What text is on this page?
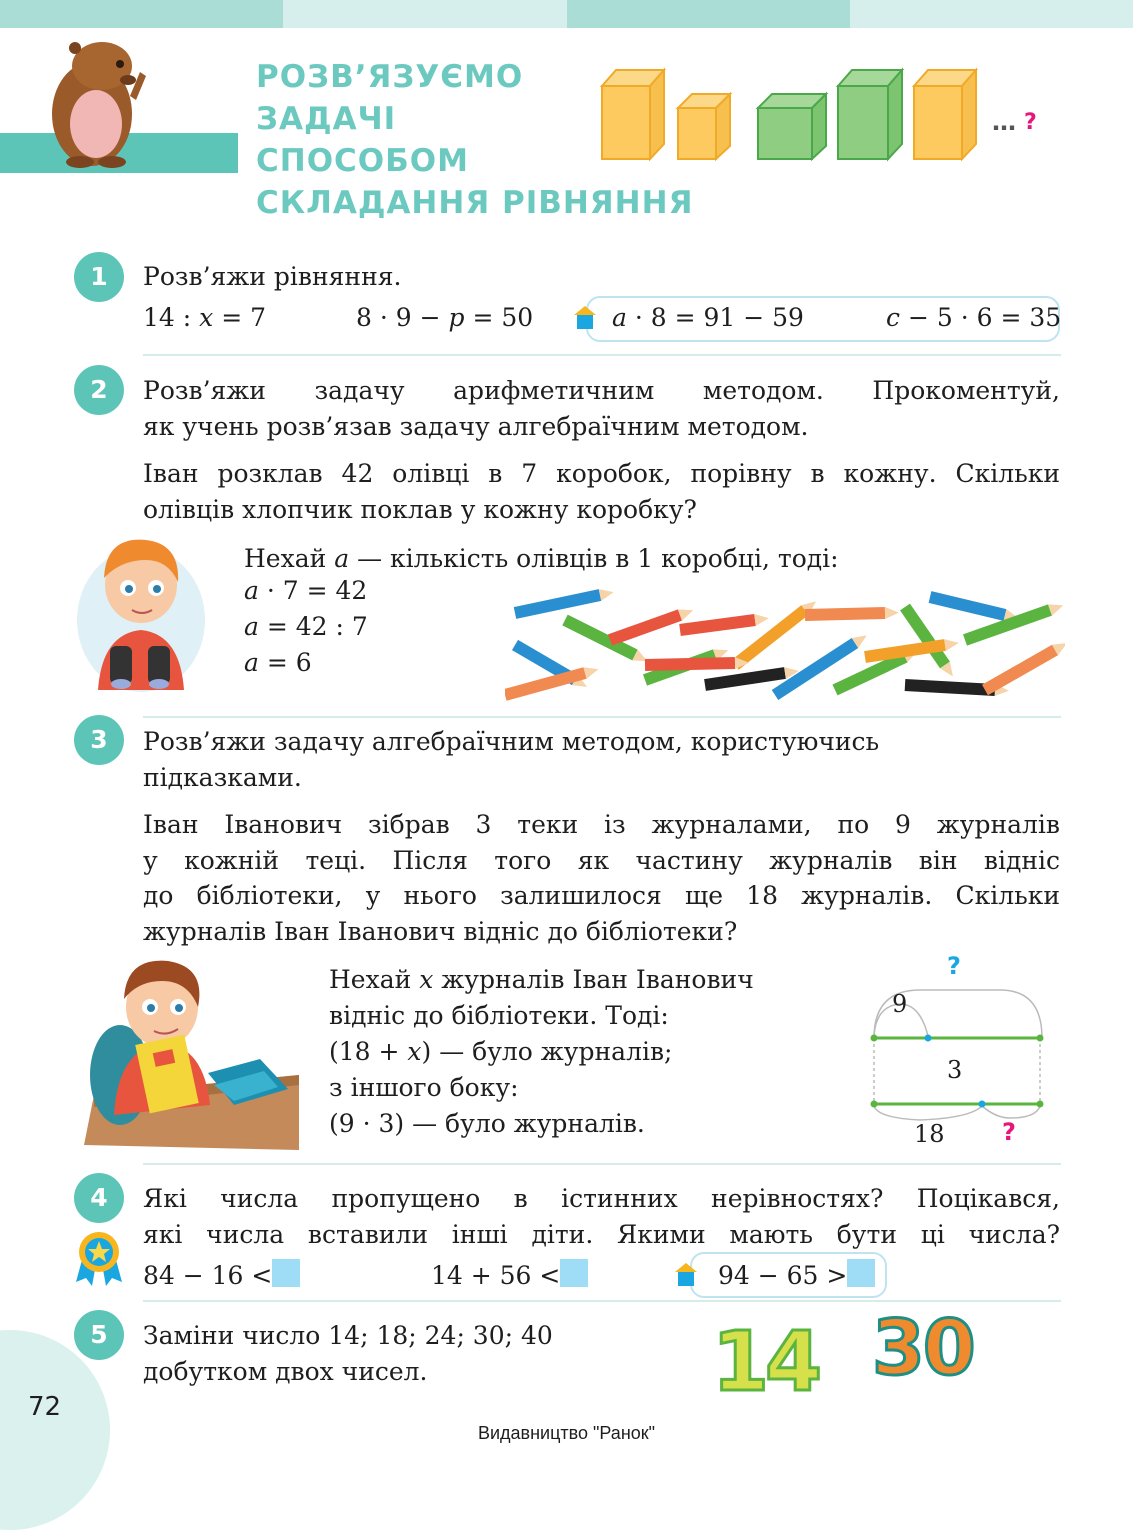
РОЗВ’ЯЗУЄМО
ЗАДАЧІ
СПОСОБОМ
СКЛАДАННЯ РІВНЯННЯ
… ?
1	Розв’яжи рівняння.
14 : x = 7	8 · 9 − p = 50	a · 8 = 91 − 59	c − 5 · 6 = 35
2	Розв’яжи задачу арифметичним методом. Прокоментуй,
як учень розв’язав задачу алгебраїчним методом.
Іван розклав 42 олівці в 7 коробок, порівну в кожну. Скільки
олівців хлопчик поклав у кожну коробку?
Нехай a — кількість олівців в 1 коробці, тоді:
a · 7 = 42
a = 42 : 7
a = 6
3	Розв’яжи задачу алгебраїчним методом, користуючись
підказками.
Іван Іванович зібрав 3 теки із журналами, по 9 журналів
у кожній теці. Після того як частину журналів він відніс
до бібліотеки, у нього залишилося ще 18 журналів. Скільки
журналів Іван Іванович відніс до бібліотеки?
Нехай x журналів Іван Іванович
відніс до бібліотеки. Тоді:
(18 + x) — було журналів;
з іншого боку:
(9 · 3) — було журналів.
?
9
3
18 ?
4	Які числа пропущено в істинних нерівностях? Поцікався,
які числа вставили інші діти. Якими мають бути ці числа?
84 − 16 <	14 + 56 <	94 − 65 >
5	Заміни число 14; 18; 24; 30; 40
добутком двох чисел.	14 30
72
Видавництво "Ранок"
